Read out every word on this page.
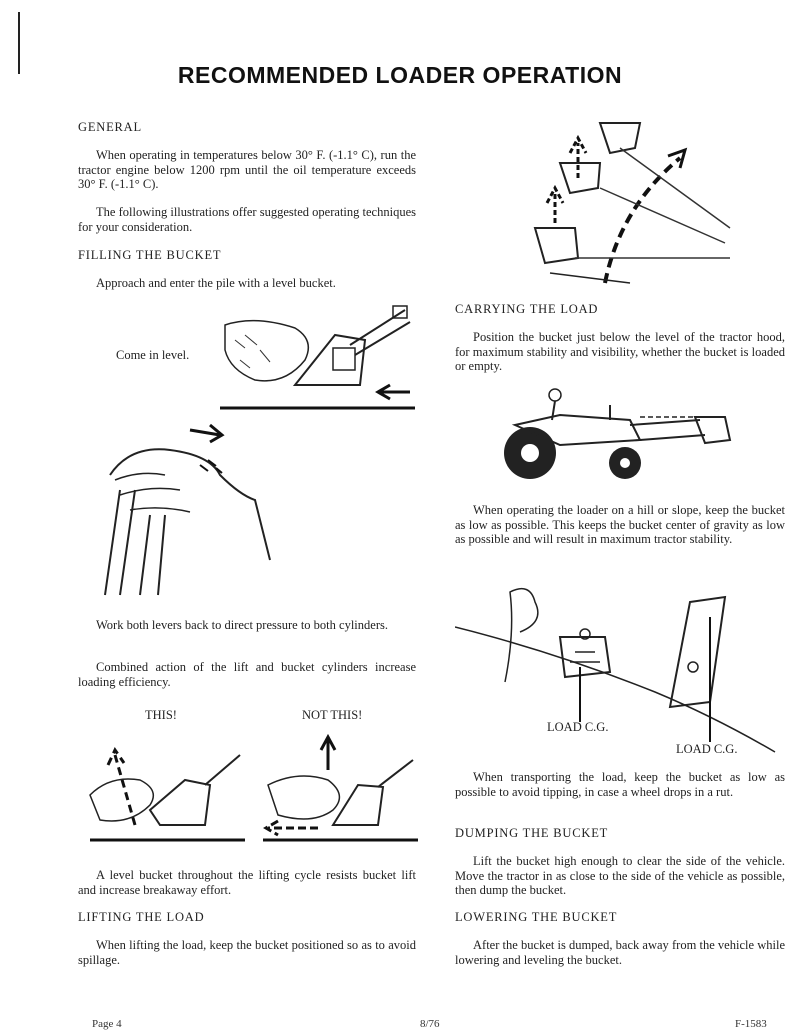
RECOMMENDED LOADER OPERATION

GENERAL

When operating in temperatures below 30° F. (-1.1° C), run the tractor engine below 1200 rpm until the oil temperature exceeds 30° F. (-1.1° C).

The following illustrations offer suggested operating techniques for your consideration.

FILLING THE BUCKET

Approach and enter the pile with a level bucket.

Come in level.

Work both levers back to direct pressure to both cylinders.

Combined action of the lift and bucket cylinders increase loading efficiency.

THIS!	NOT THIS!

A level bucket throughout the lifting cycle resists bucket lift and increase breakaway effort.

LIFTING THE LOAD

When lifting the load, keep the bucket positioned so as to avoid spillage.

CARRYING THE LOAD

Position the bucket just below the level of the tractor hood, for maximum stability and visibility, whether the bucket is loaded or empty.

When operating the loader on a hill or slope, keep the bucket as low as possible. This keeps the bucket center of gravity as low as possible and will result in maximum tractor stability.

LOAD C.G.
LOAD C.G.

When transporting the load, keep the bucket as low as possible to avoid tipping, in case a wheel drops in a rut.

DUMPING THE BUCKET

Lift the bucket high enough to clear the side of the vehicle. Move the tractor in as close to the side of the vehicle as possible, then dump the bucket.

LOWERING THE BUCKET

After the bucket is dumped, back away from the vehicle while lowering and leveling the bucket.

Page 4	8/76	F-1583
